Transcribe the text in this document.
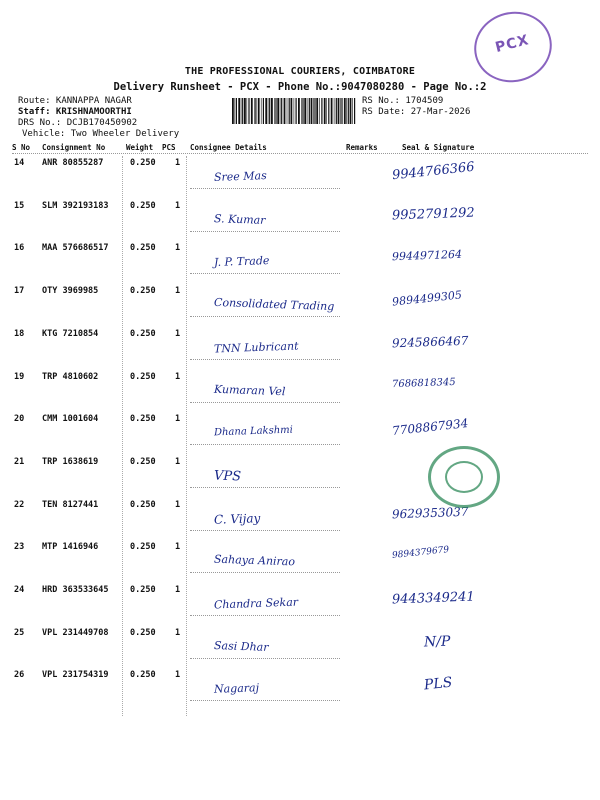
PCX
THE PROFESSIONAL COURIERS, COIMBATORE
Delivery Runsheet - PCX - Phone No.:9047080280 - Page No.:2
Route: KANNAPPA NAGAR
Staff: KRISHNAMOORTHI
DRS No.: DCJB170450902
Vehicle: Two Wheeler Delivery
RS No.: 1704509
RS Date: 27-Mar-2026
S No Consignment No	Weight PCS Consignee Details	Remarks	Seal & Signature
14 ANR 80855287	0.250 1
Sree Mas	9944766366
15 SLM 392193183	0.250 1
S. Kumar	9952791292
16 MAA 576686517	0.250 1
J. P. Trade	9944971264
17 OTY 3969985	0.250 1
Consolidated Trading	9894499305
18 KTG 7210854	0.250 1
TNN Lubricant	9245866467
19 TRP 4810602	0.250 1
Kumaran Vel	7686818345
20 CMM 1001604	0.250 1
Dhana Lakshmi	7708867934
21 TRP 1638619	0.250 1
VPS
22 TEN 8127441	0.250 1
C. Vijay	9629353037
23 MTP 1416946	0.250 1
Sahaya Anirao	9894379679
24 HRD 363533645	0.250 1
Chandra Sekar	9443349241
25 VPL 231449708	0.250 1
Sasi Dhar	N/P
26 VPL 231754319	0.250 1
Nagaraj	PLS
